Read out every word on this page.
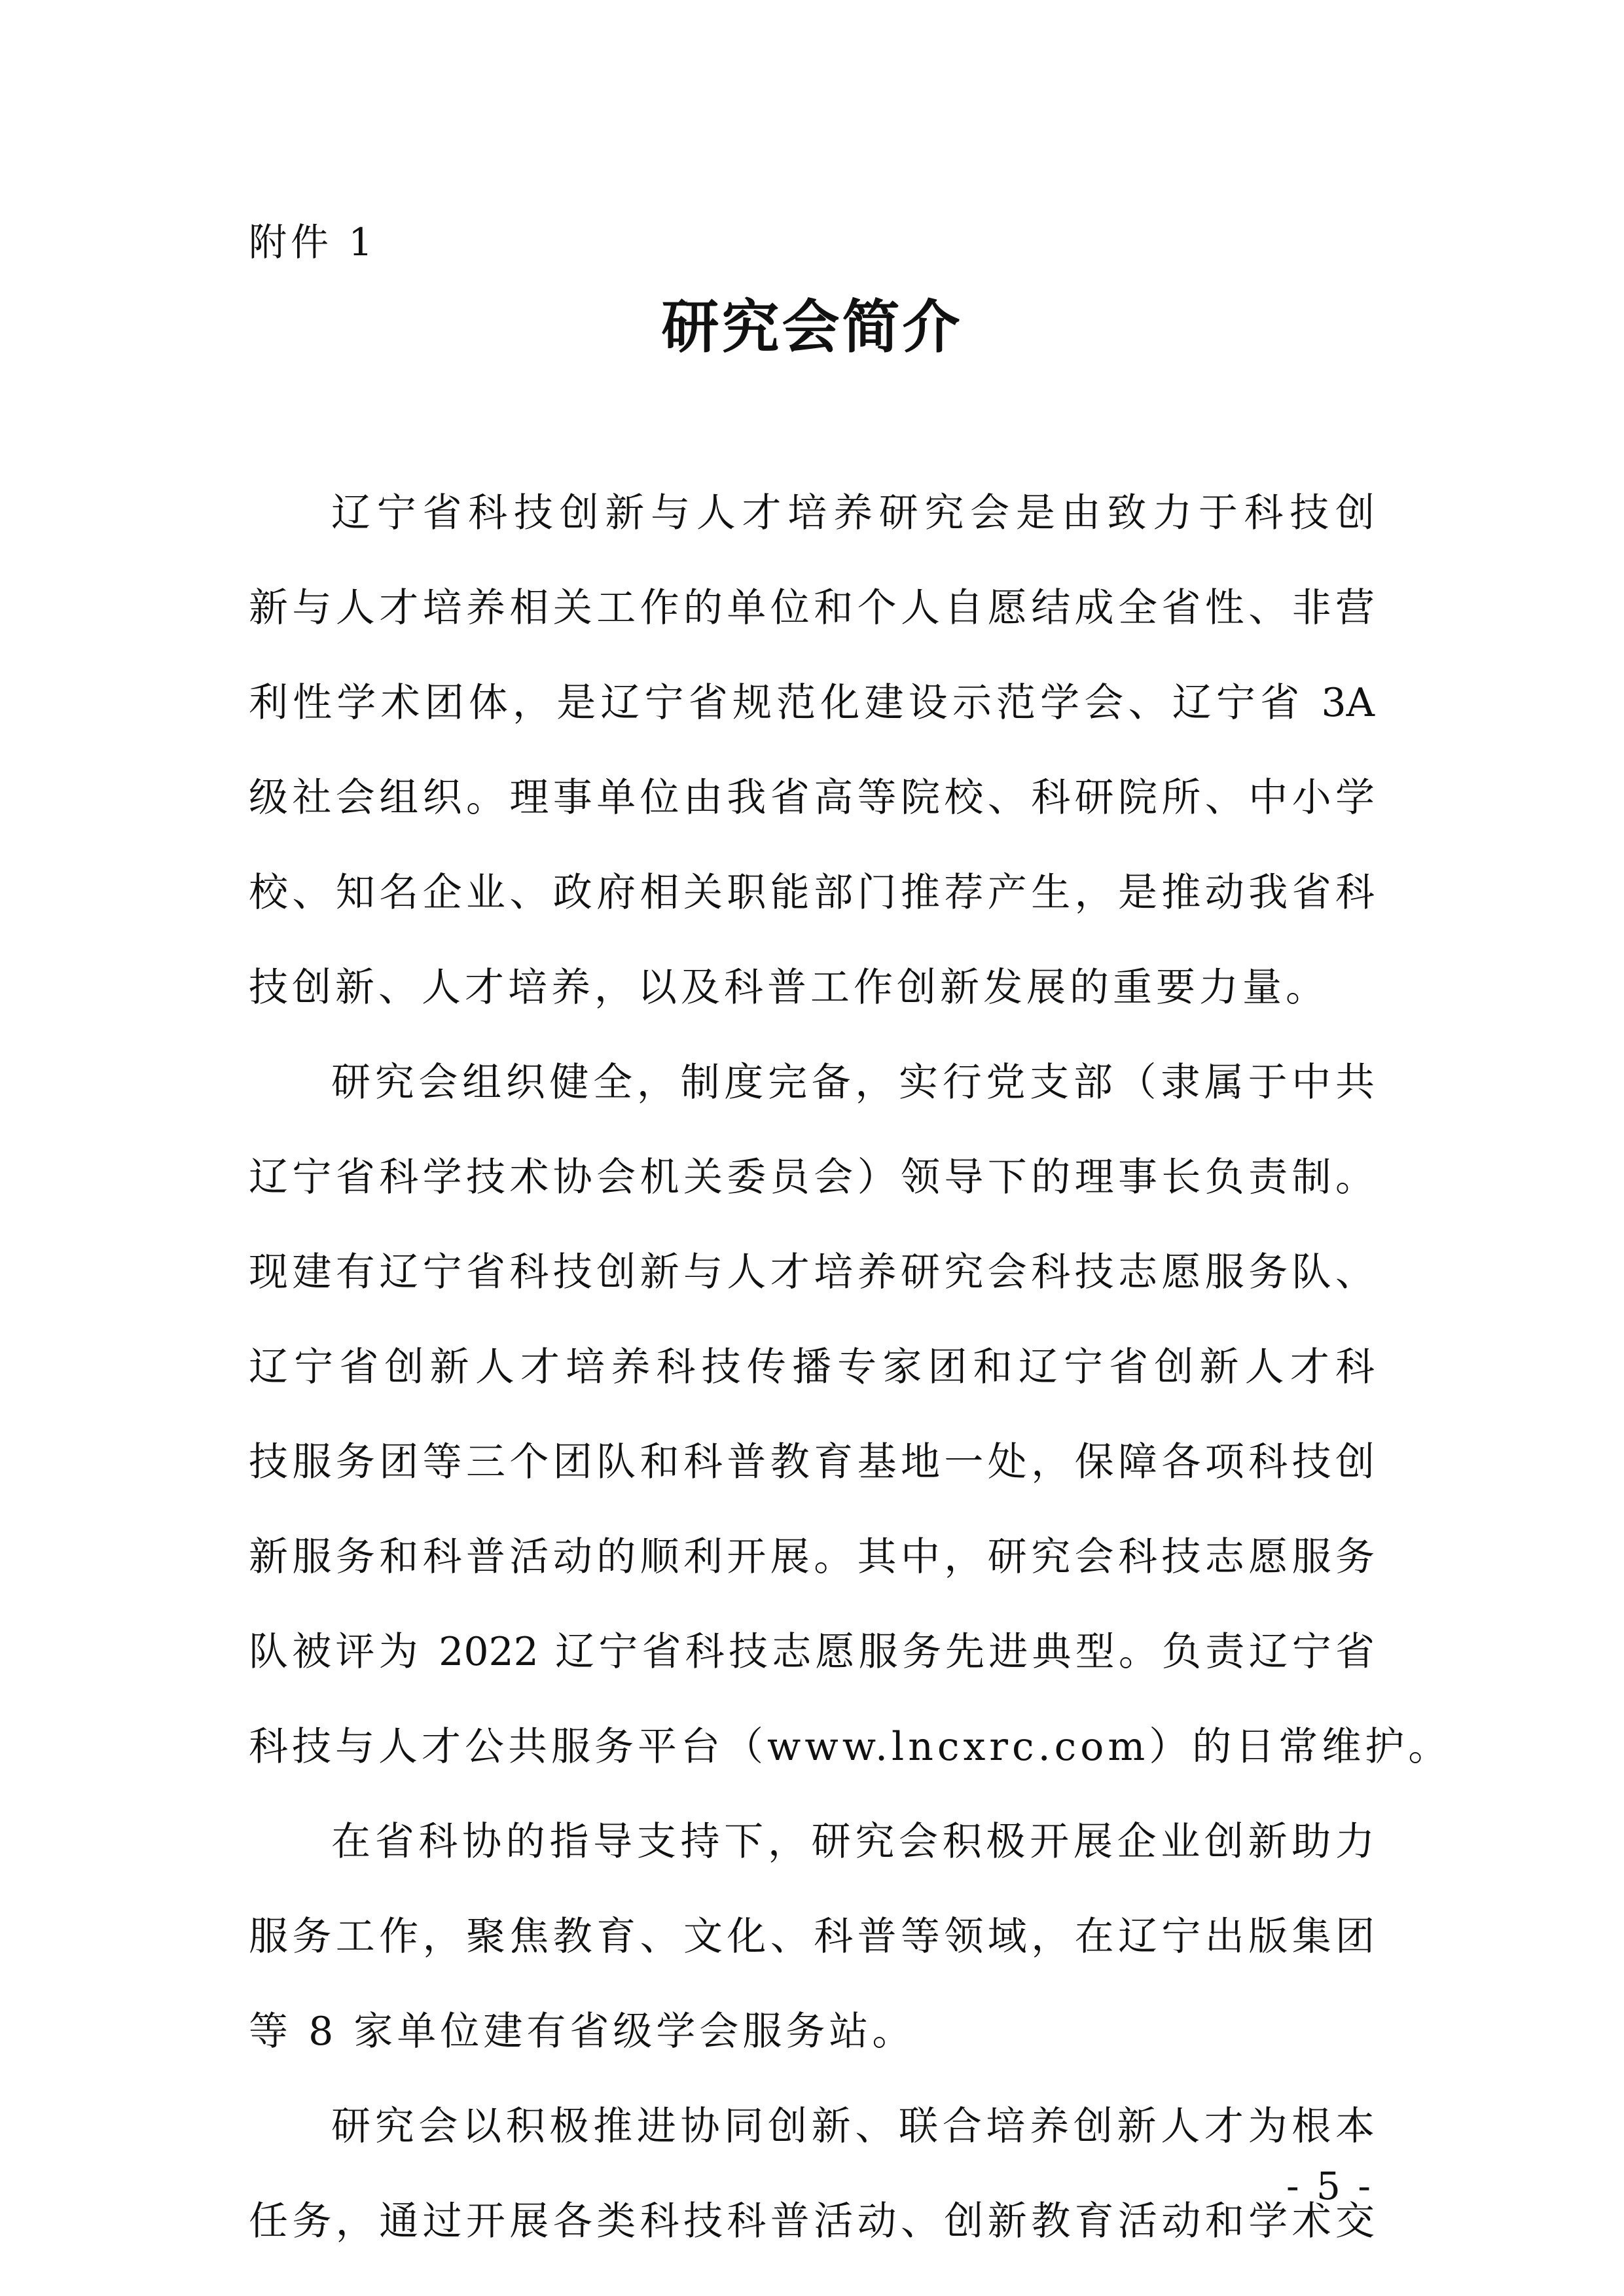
附件 1
研究会简介
辽宁省科技创新与人才培养研究会是由致力于科技创
新与人才培养相关工作的单位和个人自愿结成全省性、非营
利性学术团体，是辽宁省规范化建设示范学会、辽宁省 3A
级社会组织。理事单位由我省高等院校、科研院所、中小学
校、知名企业、政府相关职能部门推荐产生，是推动我省科
技创新、人才培养，以及科普工作创新发展的重要力量。
研究会组织健全，制度完备，实行党支部（隶属于中共
辽宁省科学技术协会机关委员会）领导下的理事长负责制。
现建有辽宁省科技创新与人才培养研究会科技志愿服务队、
辽宁省创新人才培养科技传播专家团和辽宁省创新人才科
技服务团等三个团队和科普教育基地一处，保障各项科技创
新服务和科普活动的顺利开展。其中，研究会科技志愿服务
队被评为 2022 辽宁省科技志愿服务先进典型。负责辽宁省
科技与人才公共服务平台（www.lncxrc.com）的日常维护。
在省科协的指导支持下，研究会积极开展企业创新助力
服务工作，聚焦教育、文化、科普等领域，在辽宁出版集团
等 8 家单位建有省级学会服务站。
研究会以积极推进协同创新、联合培养创新人才为根本
任务，通过开展各类科技科普活动、创新教育活动和学术交
- 5 -
